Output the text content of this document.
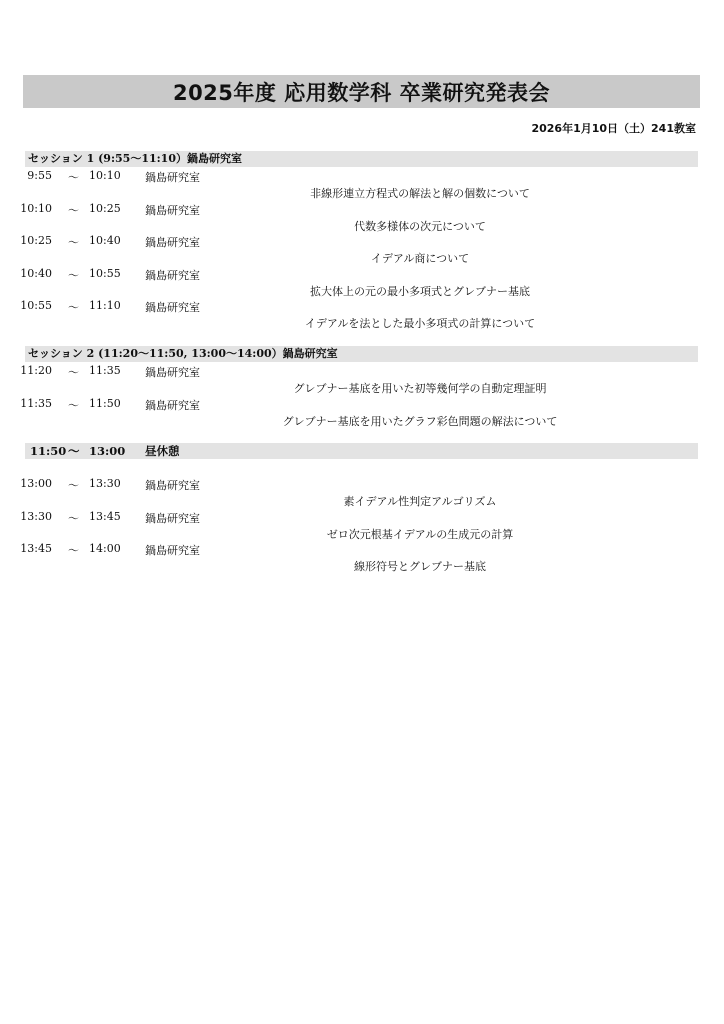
2025年度 応用数学科 卒業研究発表会
2026年1月10日（土）241教室
セッション 1 (9:55〜11:10）鍋島研究室
9:55 〜 10:10 鍋島研究室
非線形連立方程式の解法と解の個数について
10:10 〜 10:25 鍋島研究室
代数多様体の次元について
10:25 〜 10:40 鍋島研究室
イデアル商について
10:40 〜 10:55 鍋島研究室
拡大体上の元の最小多項式とグレブナー基底
10:55 〜 11:10 鍋島研究室
イデアルを法とした最小多項式の計算について
セッション 2 (11:20〜11:50, 13:00〜14:00）鍋島研究室
11:20 〜 11:35 鍋島研究室
グレブナー基底を用いた初等幾何学の自動定理証明
11:35 〜 11:50 鍋島研究室
グレブナー基底を用いたグラフ彩色問題の解法について
11:50 〜 13:00 昼休憩
13:00 〜 13:30 鍋島研究室
素イデアル性判定アルゴリズム
13:30 〜 13:45 鍋島研究室
ゼロ次元根基イデアルの生成元の計算
13:45 〜 14:00 鍋島研究室
線形符号とグレブナー基底
